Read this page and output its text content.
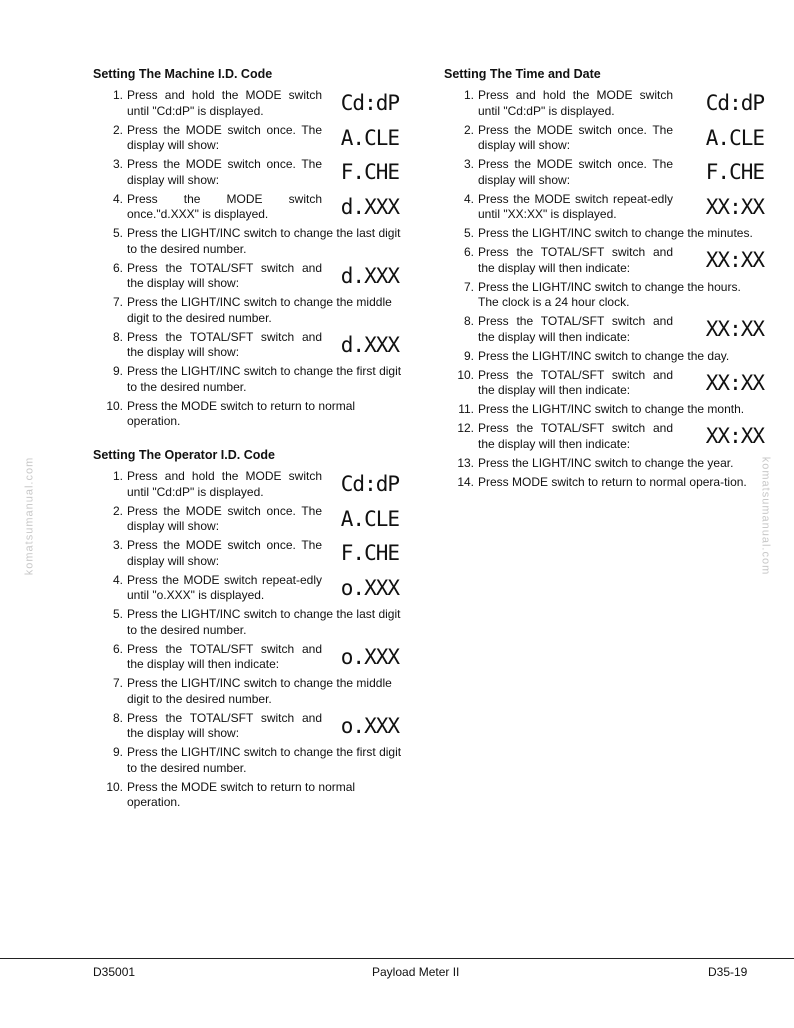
komatsumanual.com	komatsumanual.com
Setting The Machine I.D. Code
1. Press and hold the MODE switch until "Cd:dP" is displayed.	Cd:dP
2. Press the MODE switch once. The display will show:	A.CLE
3. Press the MODE switch once. The display will show:	F.CHE
4. Press the MODE switch once."d.XXX" is displayed.	d.XXX
5. Press the LIGHT/INC switch to change the last digit to the desired number.
6. Press the TOTAL/SFT switch and the display will show:	d.XXX
7. Press the LIGHT/INC switch to change the middle digit to the desired number.
8. Press the TOTAL/SFT switch and the display will show:	d.XXX
9. Press the LIGHT/INC switch to change the first digit to the desired number.
10. Press the MODE switch to return to normal operation.
Setting The Operator I.D. Code
1. Press and hold the MODE switch until "Cd:dP" is displayed.	Cd:dP
2. Press the MODE switch once. The display will show:	A.CLE
3. Press the MODE switch once. The display will show:	F.CHE
4. Press the MODE switch repeat-edly until "o.XXX" is displayed.	o.XXX
5. Press the LIGHT/INC switch to change the last digit to the desired number.
6. Press the TOTAL/SFT switch and the display will then indicate:	o.XXX
7. Press the LIGHT/INC switch to change the middle digit to the desired number.
8. Press the TOTAL/SFT switch and the display will show:	o.XXX
9. Press the LIGHT/INC switch to change the first digit to the desired number.
10. Press the MODE switch to return to normal operation.
Setting The Time and Date
1. Press and hold the MODE switch until "Cd:dP" is displayed.	Cd:dP
2. Press the MODE switch once. The display will show:	A.CLE
3. Press the MODE switch once. The display will show:	F.CHE
4. Press the MODE switch repeat-edly until "XX:XX" is displayed.	XX:XX
5. Press the LIGHT/INC switch to change the minutes.
6. Press the TOTAL/SFT switch and the display will then indicate:	XX:XX
7. Press the LIGHT/INC switch to change the hours. The clock is a 24 hour clock.
8. Press the TOTAL/SFT switch and the display will then indicate:	XX:XX
9. Press the LIGHT/INC switch to change the day.
10. Press the TOTAL/SFT switch and the display will then indicate:	XX:XX
11. Press the LIGHT/INC switch to change the month.
12. Press the TOTAL/SFT switch and the display will then indicate:	XX:XX
13. Press the LIGHT/INC switch to change the year.
14. Press MODE switch to return to normal opera-tion.
D35001	Payload Meter II	D35-19
